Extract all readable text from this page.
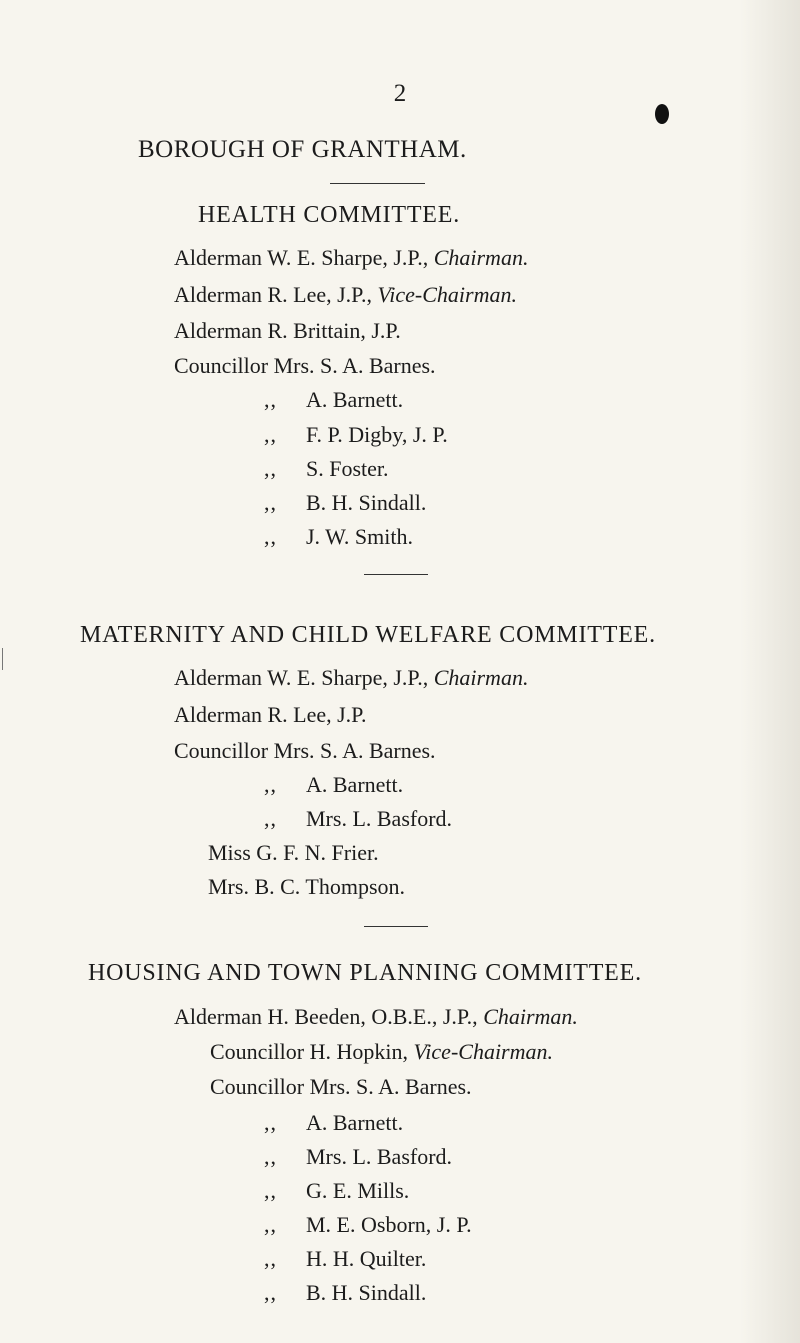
2
BOROUGH OF GRANTHAM.
HEALTH COMMITTEE.
Alderman W. E. Sharpe, J.P., Chairman.
Alderman R. Lee, J.P., Vice-Chairman.
Alderman R. Brittain, J.P.
Councillor Mrs. S. A. Barnes.
,, A. Barnett.
,, F. P. Digby, J. P.
,, S. Foster.
,, B. H. Sindall.
,, J. W. Smith.
MATERNITY AND CHILD WELFARE COMMITTEE.
Alderman W. E. Sharpe, J.P., Chairman.
Alderman R. Lee, J.P.
Councillor Mrs. S. A. Barnes.
,, A. Barnett.
,, Mrs. L. Basford.
Miss G. F. N. Frier.
Mrs. B. C. Thompson.
HOUSING AND TOWN PLANNING COMMITTEE.
Alderman H. Beeden, O.B.E., J.P., Chairman.
Councillor H. Hopkin, Vice-Chairman.
Councillor Mrs. S. A. Barnes.
,, A. Barnett.
,, Mrs. L. Basford.
,, G. E. Mills.
,, M. E. Osborn, J. P.
,, H. H. Quilter.
,, B. H. Sindall.
